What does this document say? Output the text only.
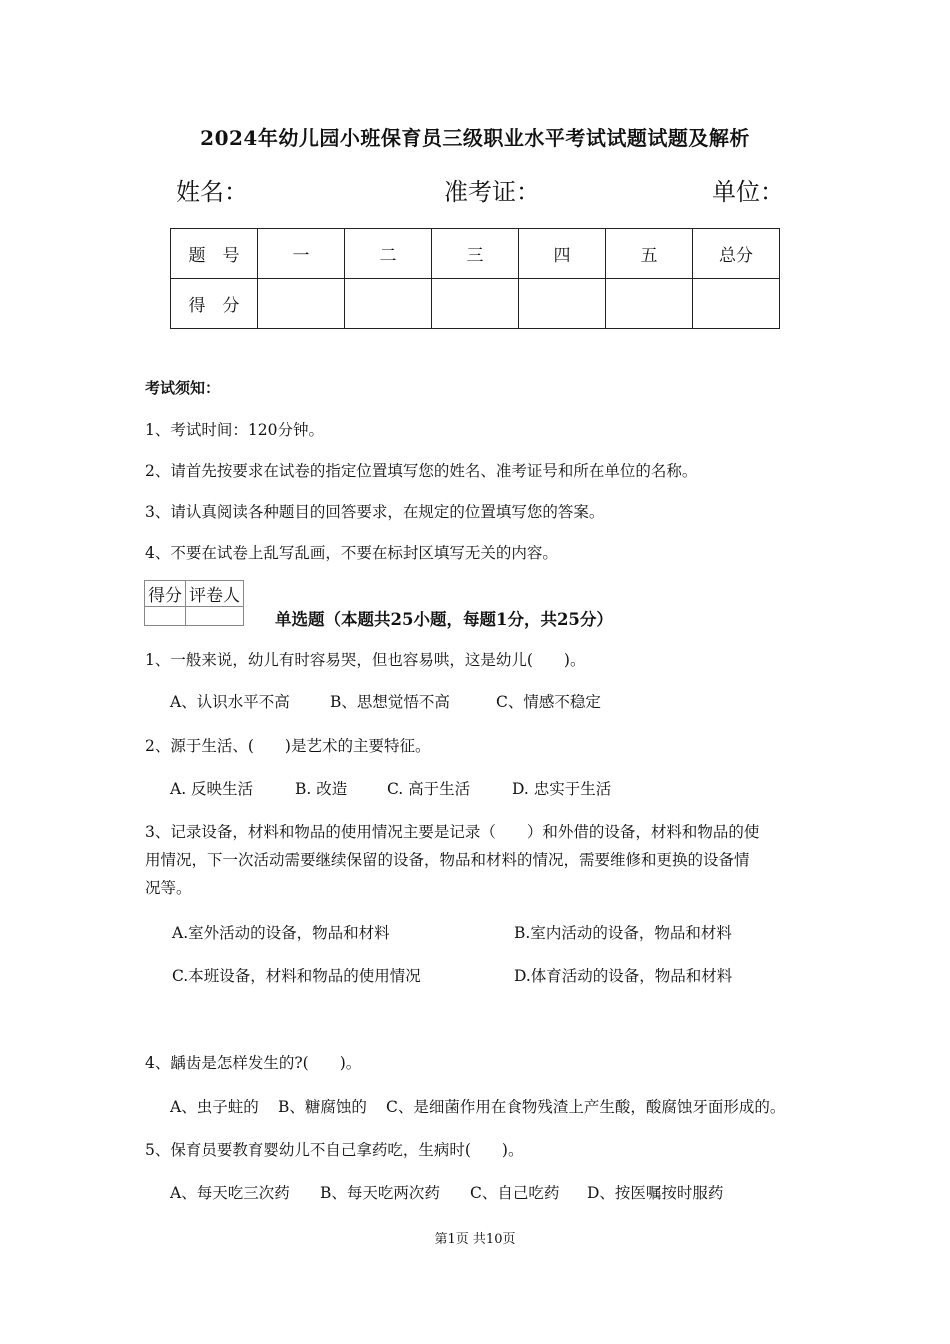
2024年幼儿园小班保育员三级职业水平考试试题试题及解析
姓名：	准考证：	单位：
题　号	一	二	三	四	五	总分
得　分						
考试须知：
1、考试时间：120分钟。
2、请首先按要求在试卷的指定位置填写您的姓名、准考证号和所在单位的名称。
3、请认真阅读各种题目的回答要求，在规定的位置填写您的答案。
4、不要在试卷上乱写乱画，不要在标封区填写无关的内容。
得分	评卷人

单选题（本题共25小题，每题1分，共25分）
1、一般来说，幼儿有时容易哭，但也容易哄，这是幼儿(　　)。
A、认识水平不高	B、思想觉悟不高	C、情感不稳定
2、源于生活、(　　)是艺术的主要特征。
A. 反映生活	B. 改造	C. 高于生活	D. 忠实于生活
3、记录设备，材料和物品的使用情况主要是记录（　　）和外借的设备，材料和物品的使
用情况，下一次活动需要继续保留的设备，物品和材料的情况，需要维修和更换的设备情
况等。
A.室外活动的设备，物品和材料	B.室内活动的设备，物品和材料
C.本班设备，材料和物品的使用情况	D.体育活动的设备，物品和材料
4、龋齿是怎样发生的?(　　)。
A、虫子蛀的 B、糖腐蚀的 C、是细菌作用在食物残渣上产生酸，酸腐蚀牙面形成的。
5、保育员要教育婴幼儿不自己拿药吃，生病时(　　)。
A、每天吃三次药 B、每天吃两次药 C、自己吃药 D、按医嘱按时服药
第1页 共10页
